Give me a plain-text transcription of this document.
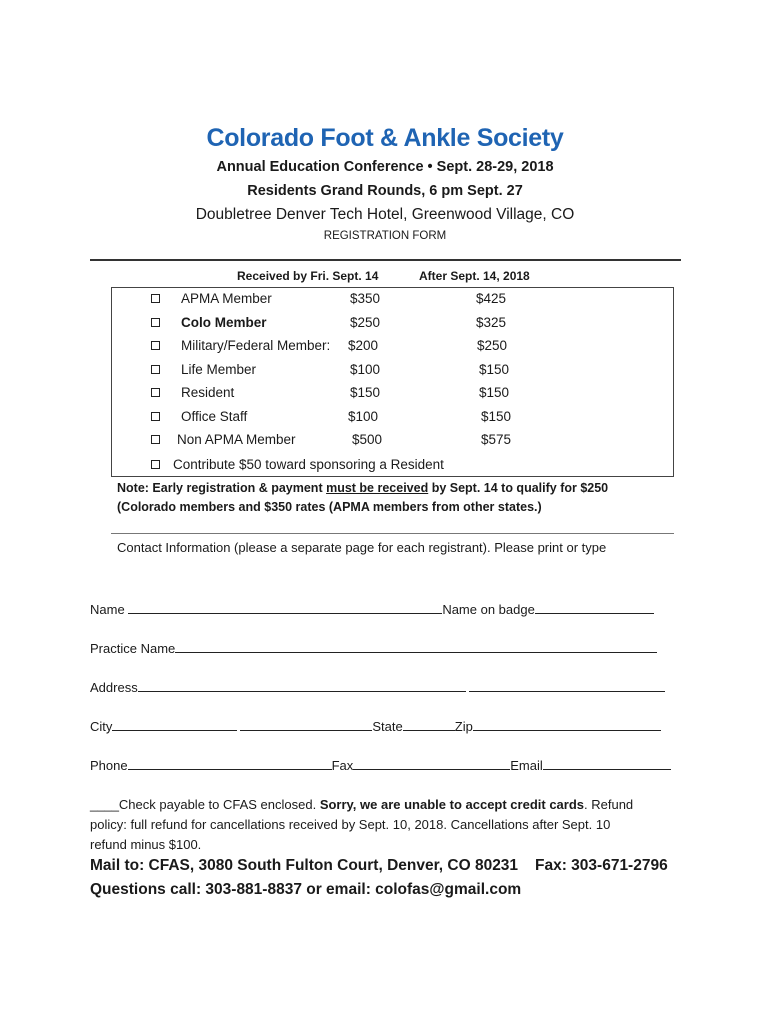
Colorado Foot & Ankle Society
Annual Education Conference • Sept. 28-29, 2018
Residents Grand Rounds, 6 pm Sept. 27
Doubletree Denver Tech Hotel, Greenwood Village, CO
REGISTRATION FORM
Received by Fri. Sept. 14	After Sept. 14, 2018
APMA Member	$350	$425
Colo Member	$250	$325
Military/Federal Member: $200	$250
Life Member	$100	$150
Resident	$150	$150
Office Staff	$100	$150
Non APMA Member	$500	$575
Contribute $50 toward sponsoring a Resident
Note: Early registration & payment must be received by Sept. 14 to qualify for $250
(Colorado members and $350 rates (APMA members from other states.)
Contact Information (please a separate page for each registrant). Please print or type
Name	Name on badge
Practice Name
Address
City	State	Zip
Phone	Fax	Email
____Check payable to CFAS enclosed. Sorry, we are unable to accept credit cards. Refund
policy: full refund for cancellations received by Sept. 10, 2018. Cancellations after Sept. 10
refund minus $100.
Mail to: CFAS, 3080 South Fulton Court, Denver, CO 80231 Fax: 303-671-2796
Questions call: 303-881-8837 or email: colofas@gmail.com
